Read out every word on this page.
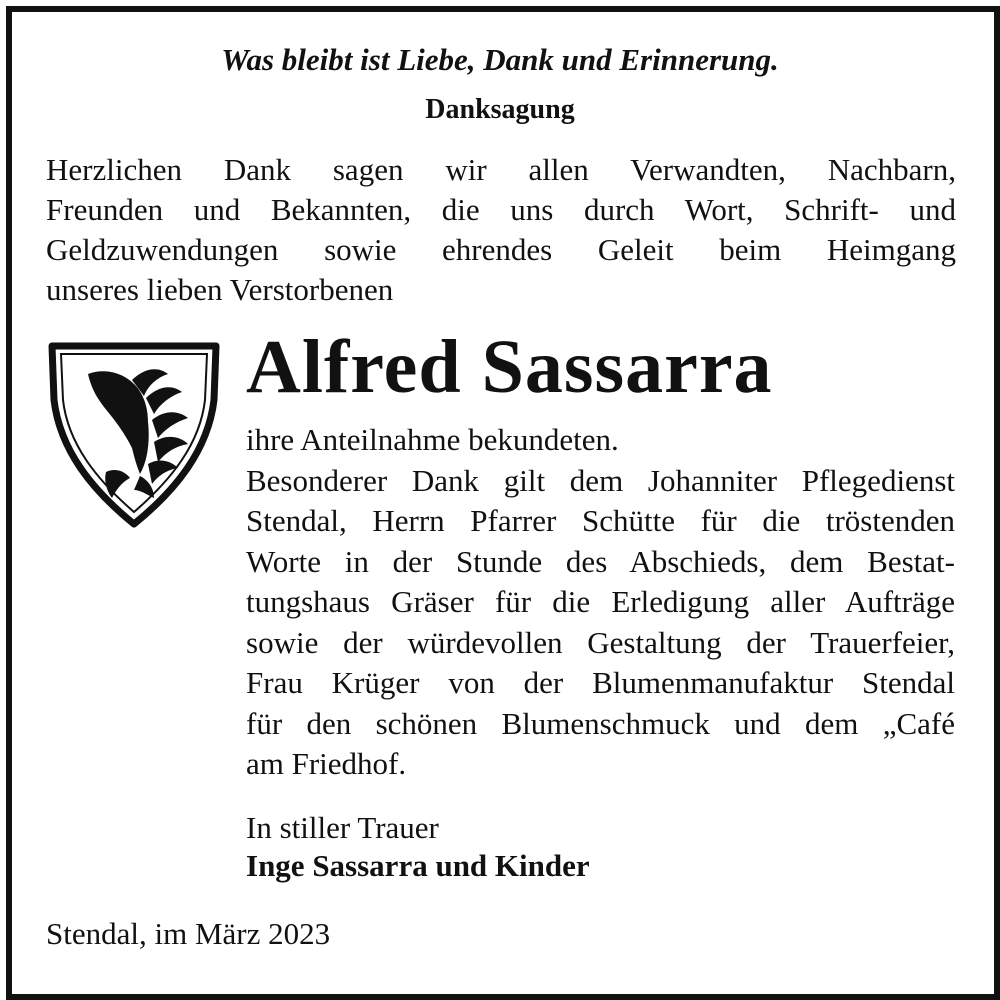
Was bleibt ist Liebe, Dank und Erinnerung.
Danksagung
Herzlichen Dank sagen wir allen Verwandten, Nachbarn,
Freunden und Bekannten, die uns durch Wort, Schrift- und
Geldzuwendungen sowie ehrendes Geleit beim Heimgang
unseres lieben Verstorbenen
Alfred Sassarra
ihre Anteilnahme bekundeten.
Besonderer Dank gilt dem Johanniter Pflegedienst
Stendal, Herrn Pfarrer Schütte für die tröstenden
Worte in der Stunde des Abschieds, dem Bestat-
tungshaus Gräser für die Erledigung aller Aufträge
sowie der würdevollen Gestaltung der Trauerfeier,
Frau Krüger von der Blumenmanufaktur Stendal
für den schönen Blumenschmuck und dem „Café
am Friedhof.
In stiller Trauer
Inge Sassarra und Kinder
Stendal, im März 2023
